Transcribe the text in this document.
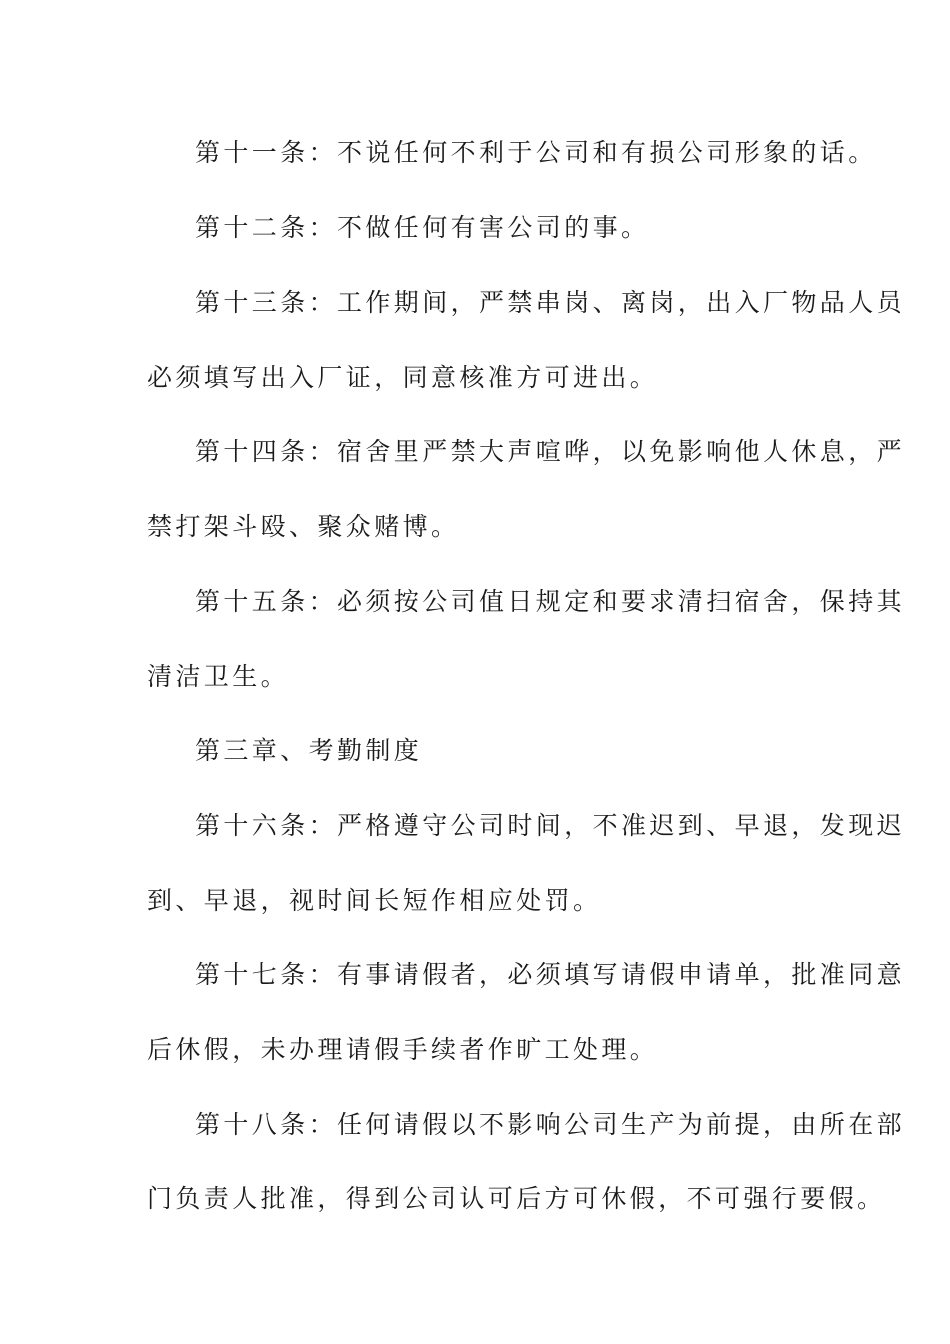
第十一条：不说任何不利于公司和有损公司形象的话。
第十二条：不做任何有害公司的事。
第十三条：工作期间，严禁串岗、离岗，出入厂物品人员
必须填写出入厂证，同意核准方可进出。
第十四条：宿舍里严禁大声喧哗，以免影响他人休息，严
禁打架斗殴、聚众赌博。
第十五条：必须按公司值日规定和要求清扫宿舍，保持其
清洁卫生。
第三章、考勤制度
第十六条：严格遵守公司时间，不准迟到、早退，发现迟
到、早退，视时间长短作相应处罚。
第十七条：有事请假者，必须填写请假申请单，批准同意
后休假，未办理请假手续者作旷工处理。
第十八条：任何请假以不影响公司生产为前提，由所在部
门负责人批准，得到公司认可后方可休假，不可强行要假。
